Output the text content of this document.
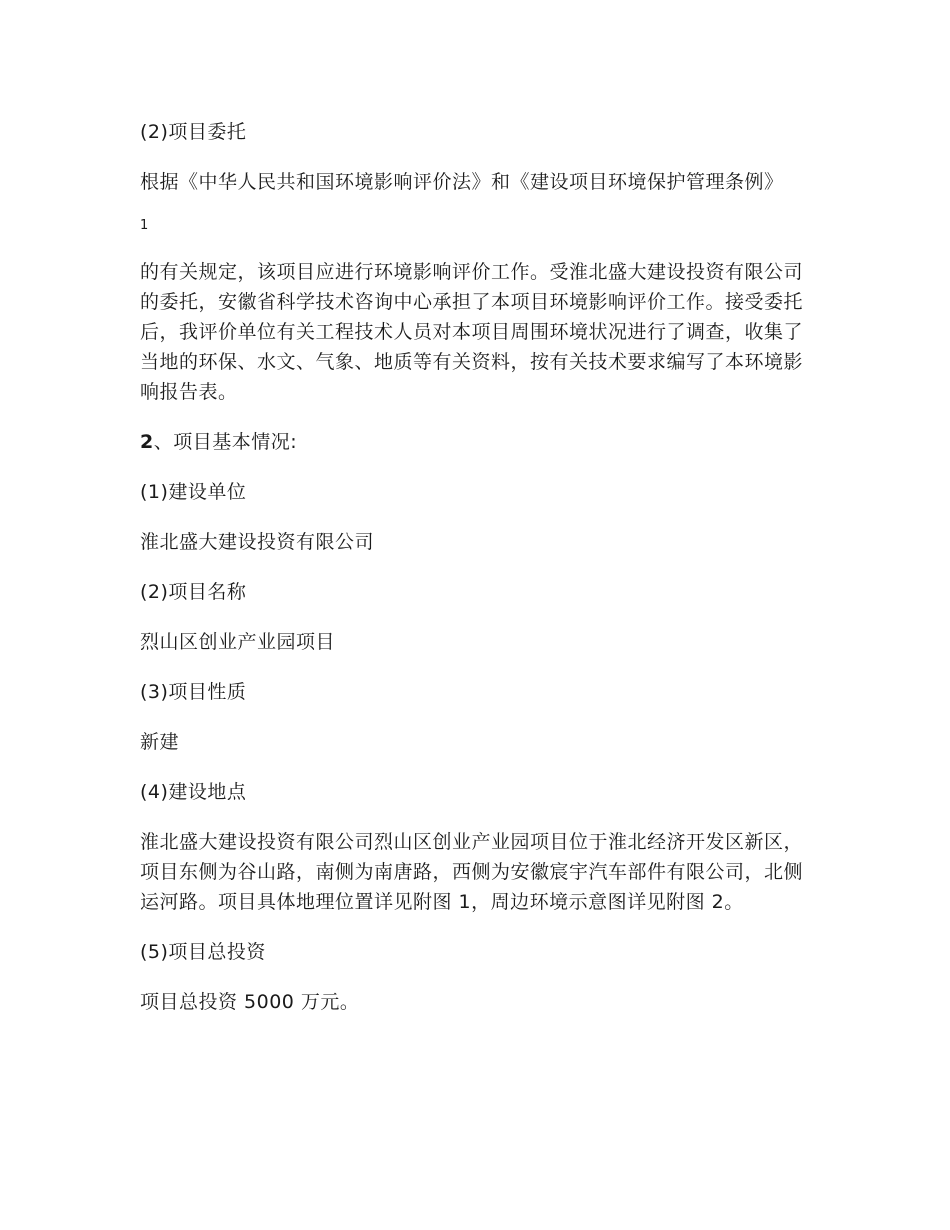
(2)项目委托

根据《中华人民共和国环境影响评价法》和《建设项目环境保护管理条例》

1

的有关规定，该项目应进行环境影响评价工作。受淮北盛大建设投资有限公司的委托，安徽省科学技术咨询中心承担了本项目环境影响评价工作。接受委托后，我评价单位有关工程技术人员对本项目周围环境状况进行了调查，收集了当地的环保、水文、气象、地质等有关资料，按有关技术要求编写了本环境影响报告表。

2、项目基本情况:

(1)建设单位

淮北盛大建设投资有限公司

(2)项目名称

烈山区创业产业园项目

(3)项目性质

新建

(4)建设地点

淮北盛大建设投资有限公司烈山区创业产业园项目位于淮北经济开发区新区，项目东侧为谷山路，南侧为南唐路，西侧为安徽宸宇汽车部件有限公司，北侧运河路。项目具体地理位置详见附图 1，周边环境示意图详见附图 2。

(5)项目总投资

项目总投资 5000 万元。
